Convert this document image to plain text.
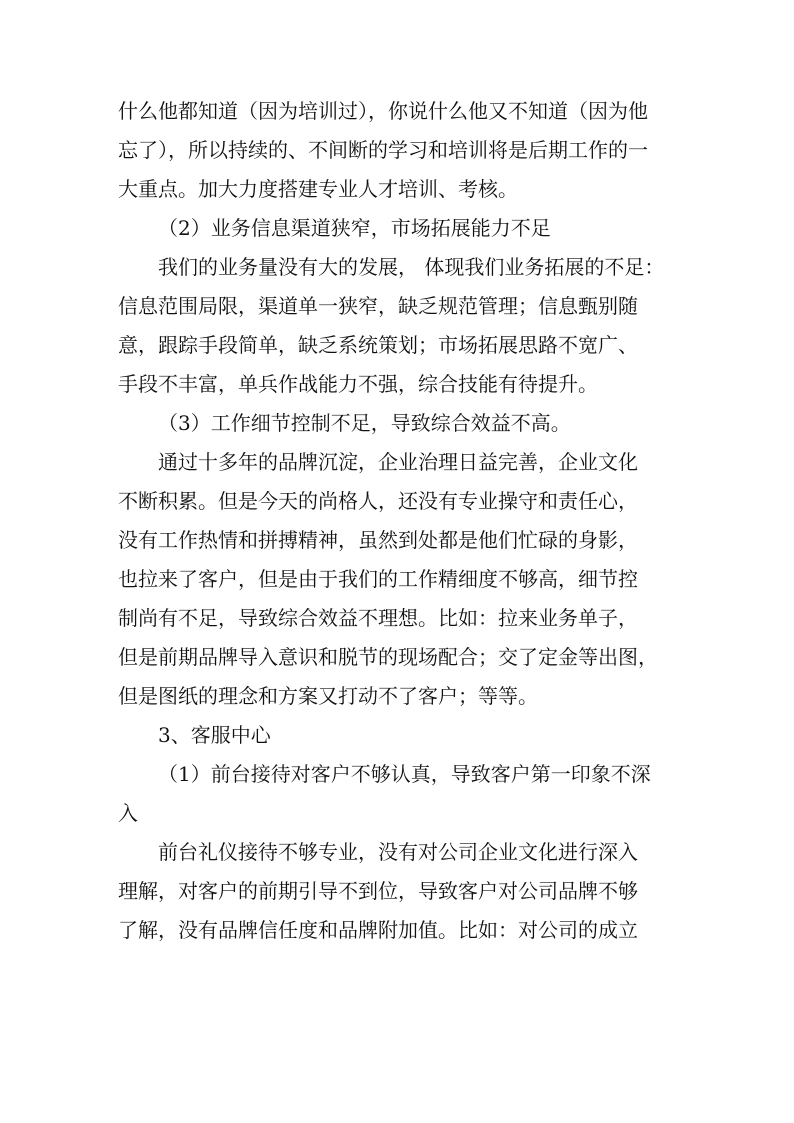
什么他都知道（因为培训过），你说什么他又不知道（因为他
忘了），所以持续的、不间断的学习和培训将是后期工作的一
大重点。加大力度搭建专业人才培训、考核。
（2）业务信息渠道狭窄，市场拓展能力不足
我们的业务量没有大的发展， 体现我们业务拓展的不足：
信息范围局限，渠道单一狭窄，缺乏规范管理；信息甄别随
意，跟踪手段简单，缺乏系统策划；市场拓展思路不宽广、
手段不丰富，单兵作战能力不强，综合技能有待提升。
（3）工作细节控制不足，导致综合效益不高。
通过十多年的品牌沉淀，企业治理日益完善，企业文化
不断积累。但是今天的尚格人，还没有专业操守和责任心，
没有工作热情和拼搏精神，虽然到处都是他们忙碌的身影，
也拉来了客户，但是由于我们的工作精细度不够高，细节控
制尚有不足，导致综合效益不理想。比如：拉来业务单子，
但是前期品牌导入意识和脱节的现场配合；交了定金等出图，
但是图纸的理念和方案又打动不了客户；等等。
3、客服中心
（1）前台接待对客户不够认真，导致客户第一印象不深
入
前台礼仪接待不够专业，没有对公司企业文化进行深入
理解，对客户的前期引导不到位，导致客户对公司品牌不够
了解，没有品牌信任度和品牌附加值。比如：对公司的成立
